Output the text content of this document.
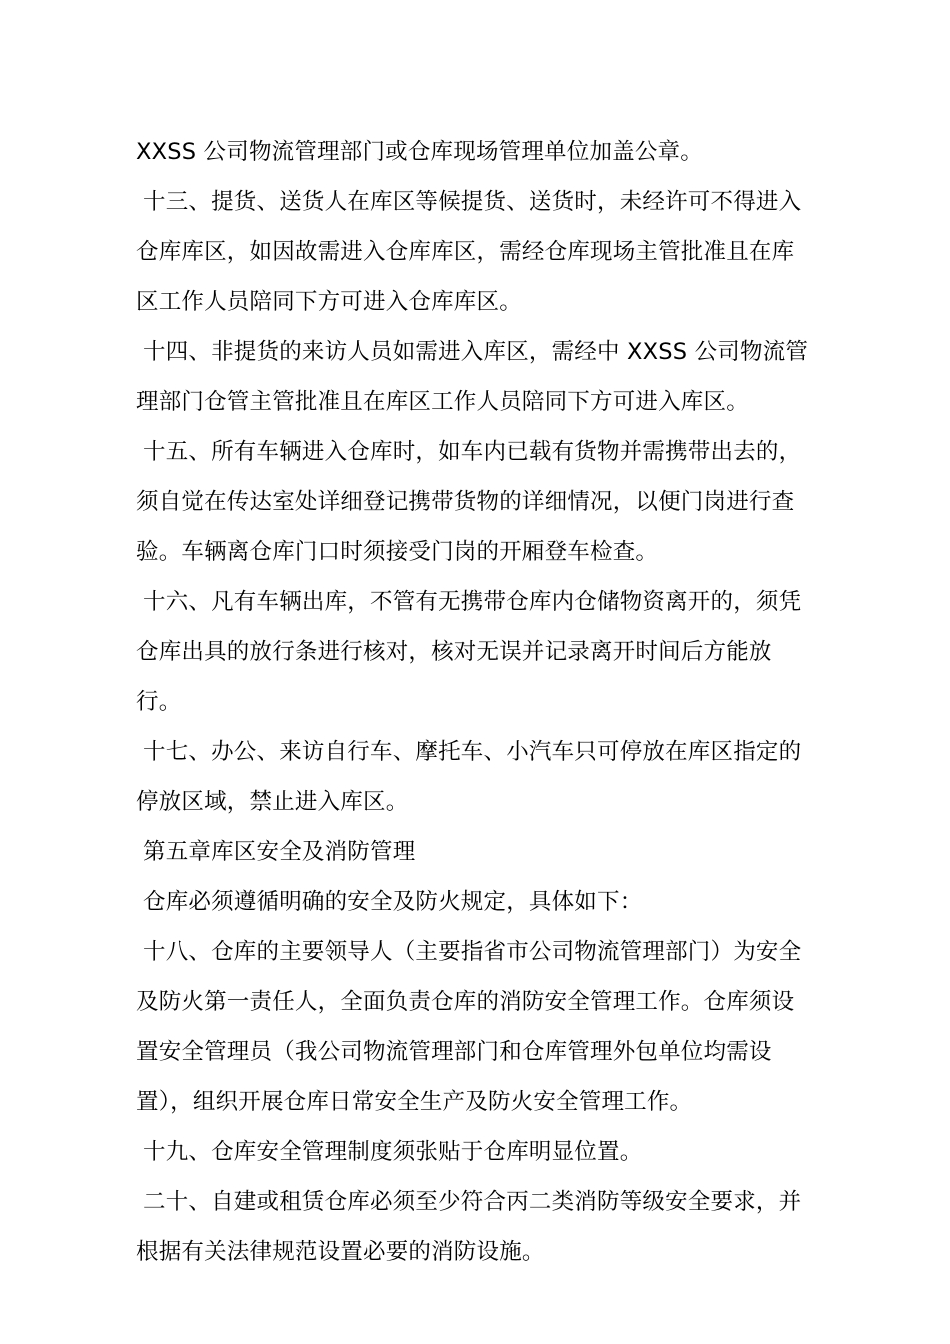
XXSS 公司物流管理部门或仓库现场管理单位加盖公章。

十三、提货、送货人在库区等候提货、送货时，未经许可不得进入仓库库区，如因故需进入仓库库区，需经仓库现场主管批准且在库区工作人员陪同下方可进入仓库库区。

十四、非提货的来访人员如需进入库区，需经中 XXSS 公司物流管理部门仓管主管批准且在库区工作人员陪同下方可进入库区。

十五、所有车辆进入仓库时，如车内已载有货物并需携带出去的，须自觉在传达室处详细登记携带货物的详细情况，以便门岗进行查验。车辆离仓库门口时须接受门岗的开厢登车检查。

十六、凡有车辆出库，不管有无携带仓库内仓储物资离开的，须凭仓库出具的放行条进行核对，核对无误并记录离开时间后方能放行。

十七、办公、来访自行车、摩托车、小汽车只可停放在库区指定的停放区域，禁止进入库区。

第五章库区安全及消防管理

仓库必须遵循明确的安全及防火规定，具体如下：

十八、仓库的主要领导人（主要指省市公司物流管理部门）为安全及防火第一责任人，全面负责仓库的消防安全管理工作。仓库须设置安全管理员（我公司物流管理部门和仓库管理外包单位均需设置），组织开展仓库日常安全生产及防火安全管理工作。

十九、仓库安全管理制度须张贴于仓库明显位置。

二十、自建或租赁仓库必须至少符合丙二类消防等级安全要求，并根据有关法律规范设置必要的消防设施。
